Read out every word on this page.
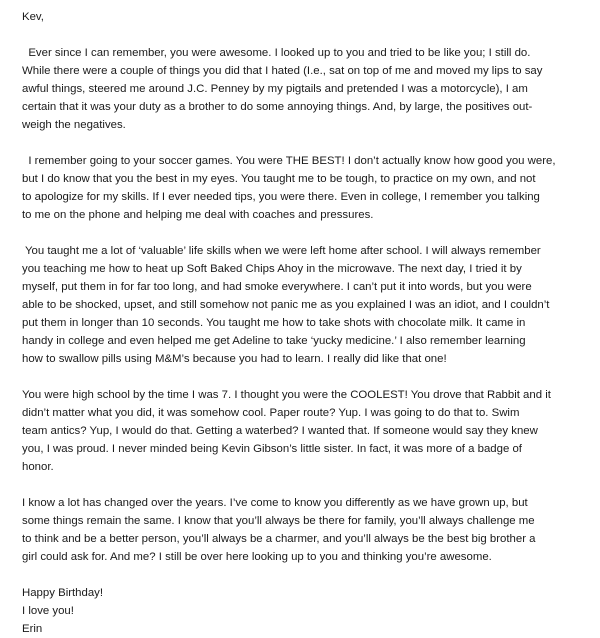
Kev,
Ever since I can remember, you were awesome. I looked up to you and tried to be like you; I still do.
While there were a couple of things you did that I hated (I.e., sat on top of me and moved my lips to say
awful things, steered me around J.C. Penney by my pigtails and pretended I was a motorcycle), I am
certain that it was your duty as a brother to do some annoying things. And, by large, the positives out-
weigh the negatives.
I remember going to your soccer games. You were THE BEST! I don’t actually know how good you were,
but I do know that you the best in my eyes. You taught me to be tough, to practice on my own, and not
to apologize for my skills. If I ever needed tips, you were there. Even in college, I remember you talking
to me on the phone and helping me deal with coaches and pressures.
You taught me a lot of ‘valuable’ life skills when we were left home after school. I will always remember
you teaching me how to heat up Soft Baked Chips Ahoy in the microwave. The next day, I tried it by
myself, put them in for far too long, and had smoke everywhere. I can’t put it into words, but you were
able to be shocked, upset, and still somehow not panic me as you explained I was an idiot, and I couldn’t
put them in longer than 10 seconds. You taught me how to take shots with chocolate milk. It came in
handy in college and even helped me get Adeline to take ‘yucky medicine.’ I also remember learning
how to swallow pills using M&M’s because you had to learn. I really did like that one!
You were high school by the time I was 7. I thought you were the COOLEST! You drove that Rabbit and it
didn’t matter what you did, it was somehow cool. Paper route? Yup. I was going to do that to. Swim
team antics? Yup, I would do that. Getting a waterbed? I wanted that. If someone would say they knew
you, I was proud. I never minded being Kevin Gibson’s little sister. In fact, it was more of a badge of
honor.
I know a lot has changed over the years. I’ve come to know you differently as we have grown up, but
some things remain the same. I know that you’ll always be there for family, you’ll always challenge me
to think and be a better person, you’ll always be a charmer, and you’ll always be the best big brother a
girl could ask for. And me? I still be over here looking up to you and thinking you’re awesome.
Happy Birthday!
I love you!
Erin
